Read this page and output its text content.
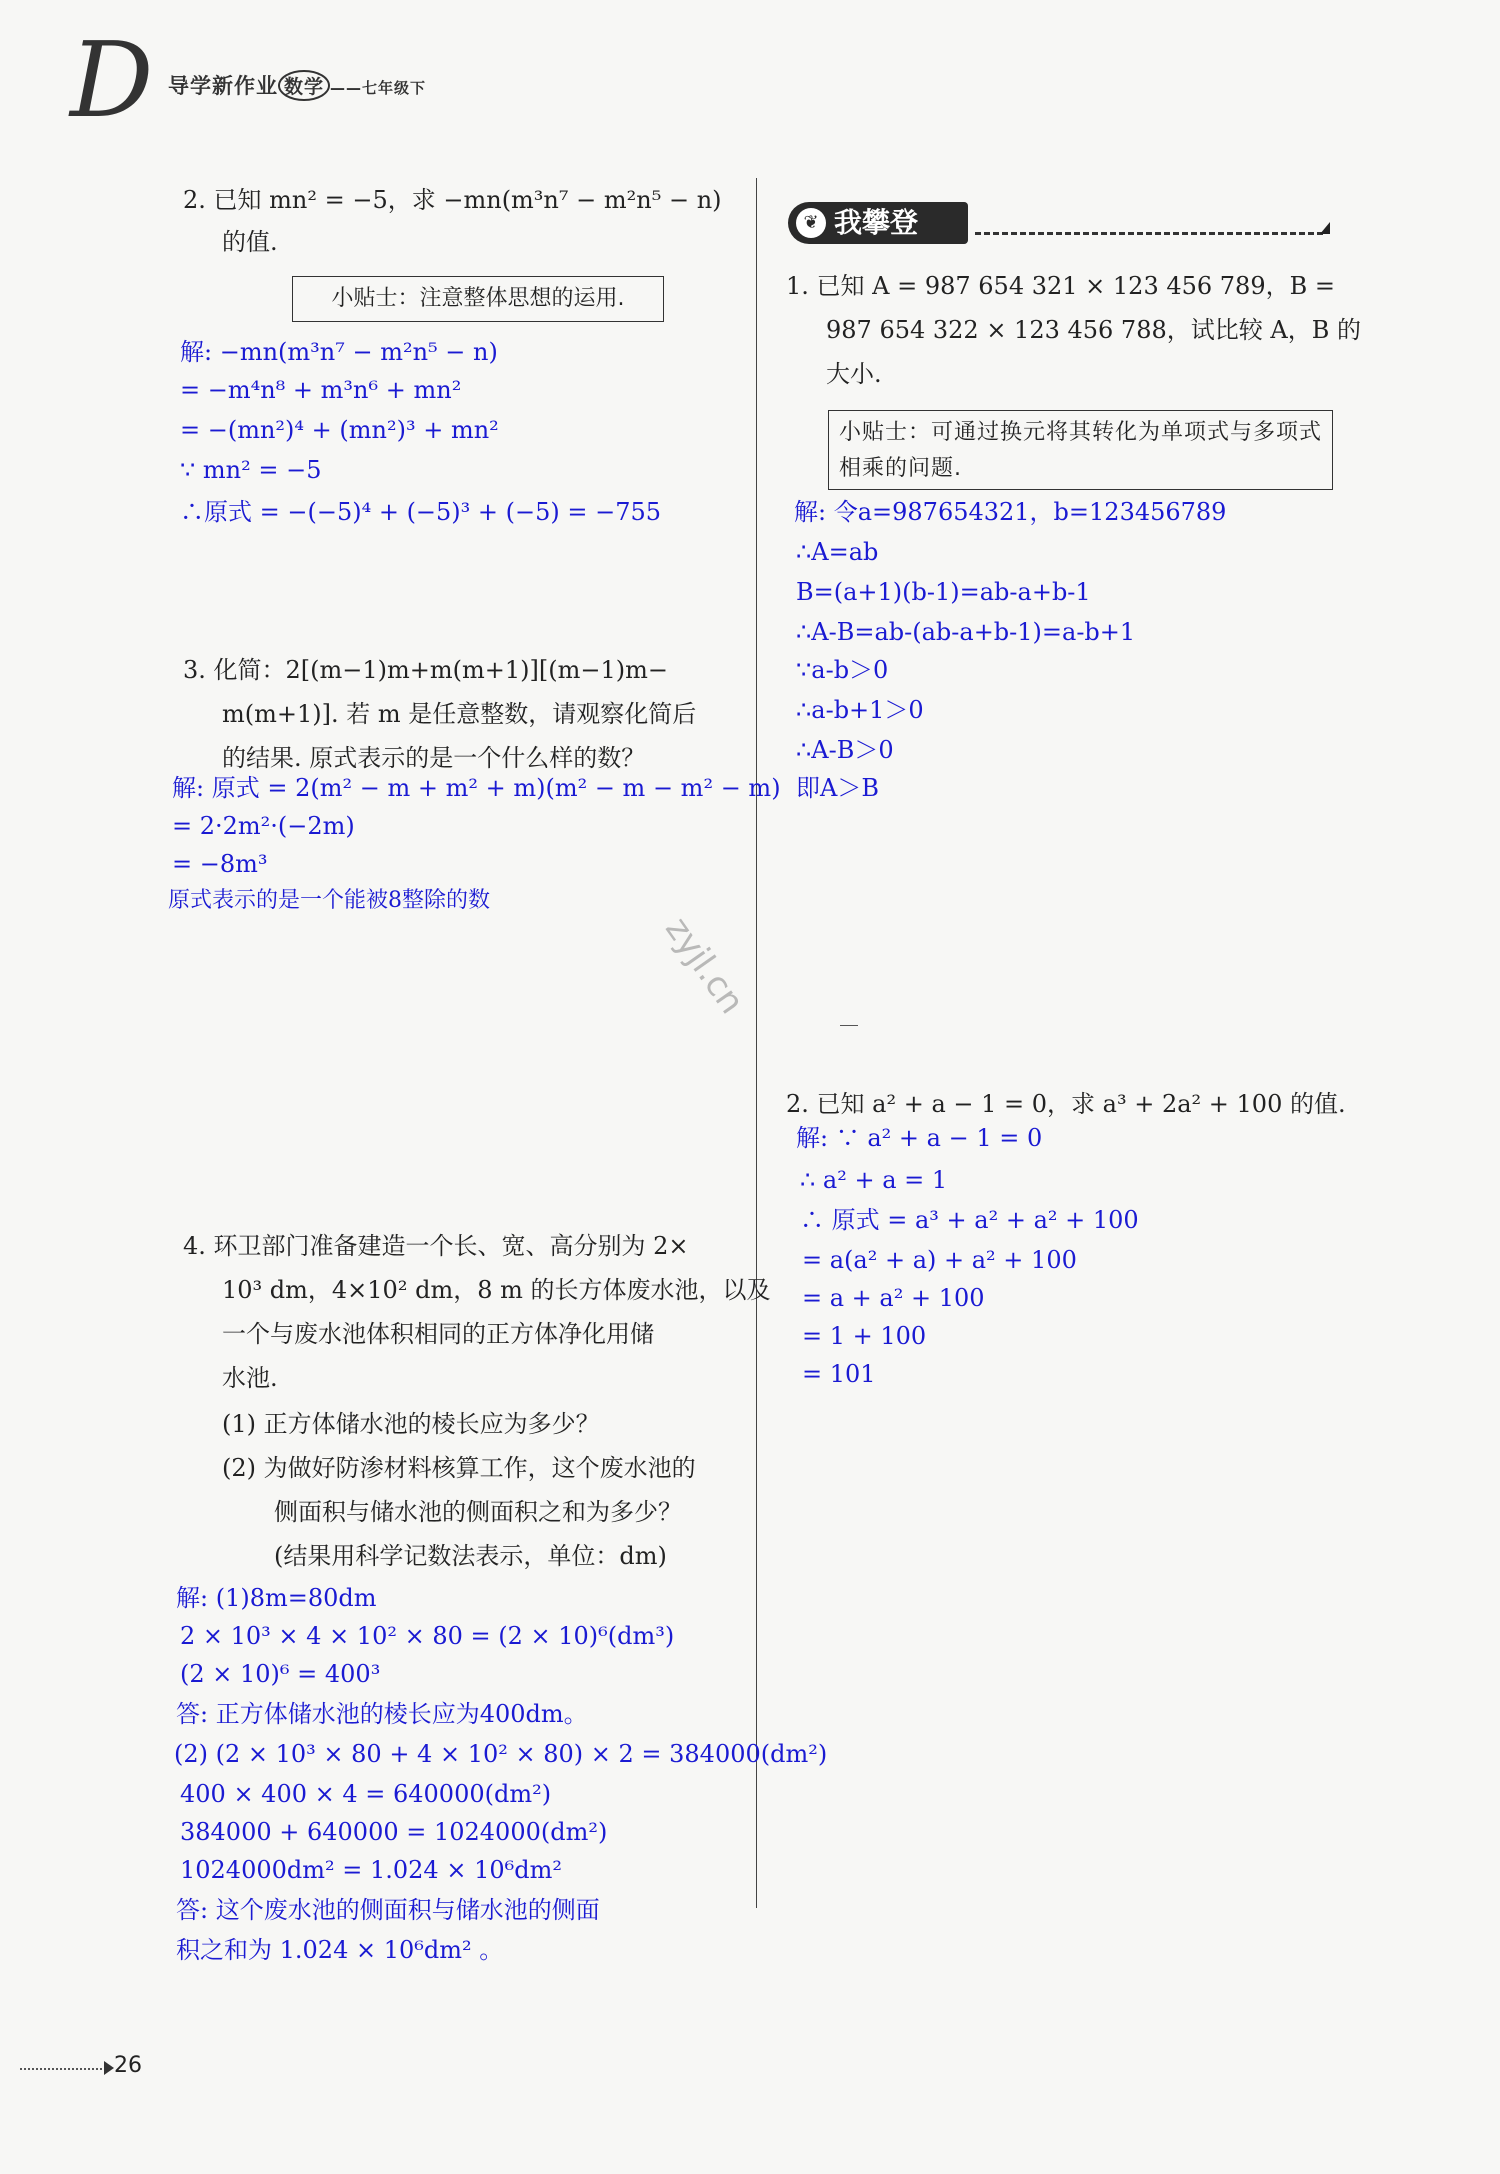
D 导学新作业 数学 ——七年级下
2. 已知 mn² = −5，求 −mn(m³n⁷ − m²n⁵ − n)
的值.
小贴士：注意整体思想的运用.
解: −mn(m³n⁷ − m²n⁵ − n)
= −m⁴n⁸ + m³n⁶ + mn²
= −(mn²)⁴ + (mn²)³ + mn²
∵ mn² = −5
∴原式 = −(−5)⁴ + (−5)³ + (−5) = −755
3. 化简：2[(m−1)m+m(m+1)][(m−1)m−
m(m+1)]. 若 m 是任意整数，请观察化简后
的结果. 原式表示的是一个什么样的数？
解: 原式 = 2(m² − m + m² + m)(m² − m − m² − m)
= 2·2m²·(−2m)
= −8m³
原式表示的是一个能被8整除的数
4. 环卫部门准备建造一个长、宽、高分别为 2×
10³ dm，4×10² dm，8 m 的长方体废水池，以及
一个与废水池体积相同的正方体净化用储
水池.
(1) 正方体储水池的棱长应为多少？
(2) 为做好防渗材料核算工作，这个废水池的
侧面积与储水池的侧面积之和为多少？
(结果用科学记数法表示，单位：dm)
解: (1)8m=80dm
2 × 10³ × 4 × 10² × 80 = (2 × 10)⁶(dm³)
(2 × 10)⁶ = 400³
答: 正方体储水池的棱长应为400dm。
(2) (2 × 10³ × 80 + 4 × 10² × 80) × 2 = 384000(dm²)
400 × 400 × 4 = 640000(dm²)
384000 + 640000 = 1024000(dm²)
1024000dm² = 1.024 × 10⁶dm²
答: 这个废水池的侧面积与储水池的侧面
积之和为 1.024 × 10⁶dm² 。
❦ 我攀登
1. 已知 A = 987 654 321 × 123 456 789，B =
987 654 322 × 123 456 788，试比较 A，B 的
大小.
小贴士：可通过换元将其转化为单项式与多项式相乘的问题.
解: 令a=987654321，b=123456789
∴A=ab
B=(a+1)(b-1)=ab-a+b-1
∴A-B=ab-(ab-a+b-1)=a-b+1
∵a-b＞0
∴a-b+1＞0
∴A-B＞0
即A＞B
2. 已知 a² + a − 1 = 0，求 a³ + 2a² + 100 的值.
解: ∵ a² + a − 1 = 0
∴ a² + a = 1
∴ 原式 = a³ + a² + a² + 100
= a(a² + a) + a² + 100
= a + a² + 100
= 1 + 100
= 101
zyjl.cn
26
